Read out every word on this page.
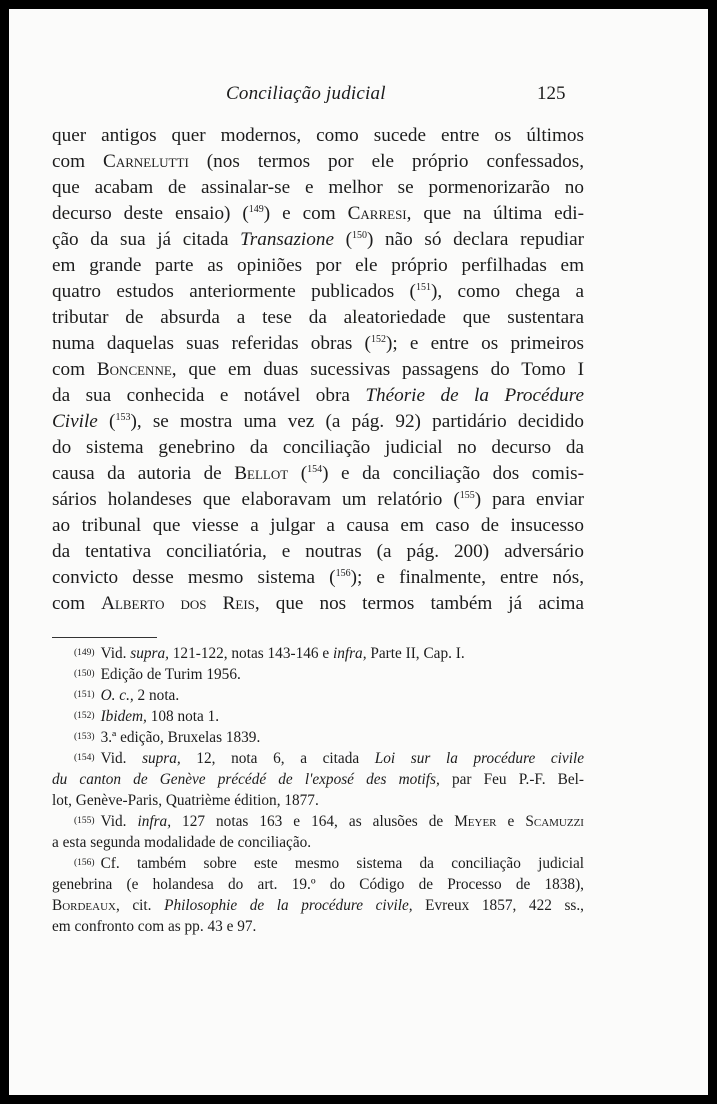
Conciliação judicial	125
quer antigos quer modernos, como sucede entre os últimos
com Carnelutti (nos termos por ele próprio confessados,
que acabam de assinalar-se e melhor se pormenorizarão no
decurso deste ensaio) ($^{149}$) e com Carresi, que na última edi-
ção da sua já citada Transazione ($^{150}$) não só declara repudiar
em grande parte as opiniões por ele próprio perfilhadas em
quatro estudos anteriormente publicados ($^{151}$), como chega a
tributar de absurda a tese da aleatoriedade que sustentara
numa daquelas suas referidas obras ($^{152}$); e entre os primeiros
com Boncenne, que em duas sucessivas passagens do Tomo I
da sua conhecida e notável obra Théorie de la Procédure
Civile ($^{153}$), se mostra uma vez (a pág. 92) partidário decidido
do sistema genebrino da conciliação judicial no decurso da
causa da autoria de Bellot ($^{154}$) e da conciliação dos comis-
sários holandeses que elaboravam um relatório ($^{155}$) para enviar
ao tribunal que viesse a julgar a causa em caso de insucesso
da tentativa conciliatória, e noutras (a pág. 200) adversário
convicto desse mesmo sistema ($^{156}$); e finalmente, entre nós,
com Alberto dos Reis, que nos termos também já acima
(149) Vid. supra, 121-122, notas 143-146 e infra, Parte II, Cap. I.
(150) Edição de Turim 1956.
(151) O. c., 2 nota.
(152) Ibidem, 108 nota 1.
(153) 3.ª edição, Bruxelas 1839.
(154) Vid. supra, 12, nota 6, a citada Loi sur la procédure civile
du canton de Genève précédé de l'exposé des motifs, par Feu P.-F. Bel-
lot, Genève-Paris, Quatrième édition, 1877.
(155) Vid. infra, 127 notas 163 e 164, as alusões de Meyer e Scamuzzi
a esta segunda modalidade de conciliação.
(156) Cf. também sobre este mesmo sistema da conciliação judicial
genebrina (e holandesa do art. 19.º do Código de Processo de 1838),
Bordeaux, cit. Philosophie de la procédure civile, Evreux 1857, 422 ss.,
em confronto com as pp. 43 e 97.
